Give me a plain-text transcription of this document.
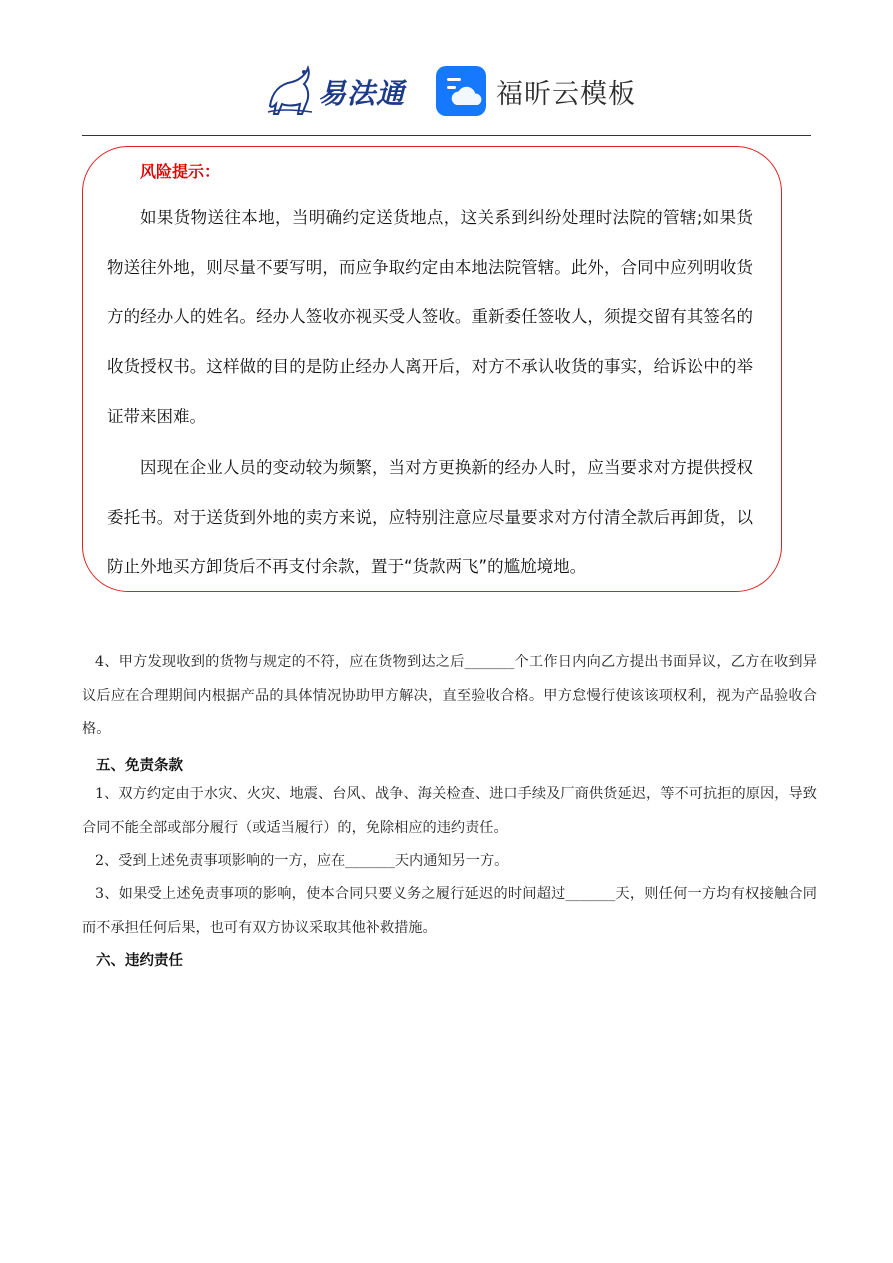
易法通	福昕云模板
风险提示：

如果货物送往本地，当明确约定送货地点，这关系到纠纷处理时法院的管辖;如果货物送往外地，则尽量不要写明，而应争取约定由本地法院管辖。此外，合同中应列明收货方的经办人的姓名。经办人签收亦视买受人签收。重新委任签收人，须提交留有其签名的收货授权书。这样做的目的是防止经办人离开后，对方不承认收货的事实，给诉讼中的举证带来困难。

因现在企业人员的变动较为频繁，当对方更换新的经办人时，应当要求对方提供授权委托书。对于送货到外地的卖方来说，应特别注意应尽量要求对方付清全款后再卸货，以防止外地买方卸货后不再支付余款，置于“货款两飞”的尴尬境地。

4、甲方发现收到的货物与规定的不符，应在货物到达之后_______个工作日内向乙方提出书面异议，乙方在收到异议后应在合理期间内根据产品的具体情况协助甲方解决，直至验收合格。甲方怠慢行使该该项权利，视为产品验收合格。

五、免责条款

1、双方约定由于水灾、火灾、地震、台风、战争、海关检查、进口手续及厂商供货延迟，等不可抗拒的原因，导致合同不能全部或部分履行（或适当履行）的，免除相应的违约责任。

2、受到上述免责事项影响的一方，应在_______天内通知另一方。

3、如果受上述免责事项的影响，使本合同只要义务之履行延迟的时间超过_______天，则任何一方均有权接触合同而不承担任何后果，也可有双方协议采取其他补救措施。

六、违约责任
